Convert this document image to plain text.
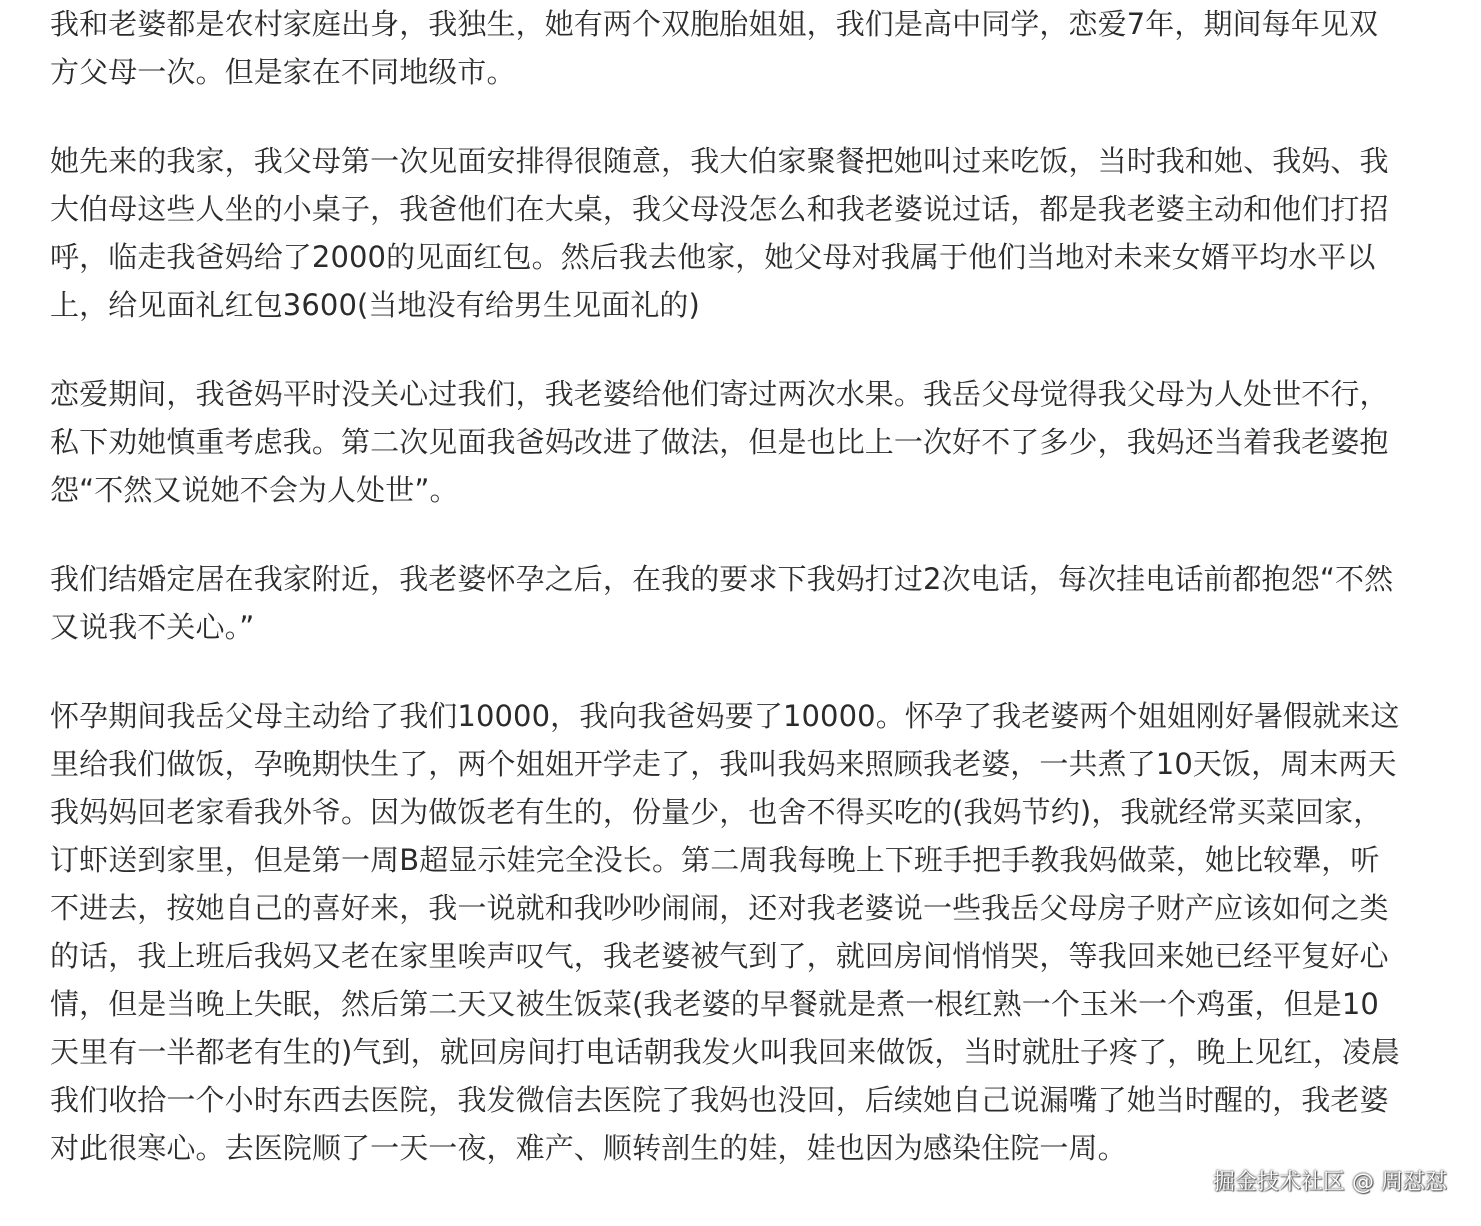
我和老婆都是农村家庭出身，我独生，她有两个双胞胎姐姐，我们是高中同学，恋爱7年，期间每年见双方父母一次。但是家在不同地级市。

她先来的我家，我父母第一次见面安排得很随意，我大伯家聚餐把她叫过来吃饭，当时我和她、我妈、我大伯母这些人坐的小桌子，我爸他们在大桌，我父母没怎么和我老婆说过话，都是我老婆主动和他们打招呼，临走我爸妈给了2000的见面红包。然后我去他家，她父母对我属于他们当地对未来女婿平均水平以上，给见面礼红包3600(当地没有给男生见面礼的)

恋爱期间，我爸妈平时没关心过我们，我老婆给他们寄过两次水果。我岳父母觉得我父母为人处世不行，私下劝她慎重考虑我。第二次见面我爸妈改进了做法，但是也比上一次好不了多少，我妈还当着我老婆抱怨“不然又说她不会为人处世”。

我们结婚定居在我家附近，我老婆怀孕之后，在我的要求下我妈打过2次电话，每次挂电话前都抱怨“不然又说我不关心。”

怀孕期间我岳父母主动给了我们10000，我向我爸妈要了10000。怀孕了我老婆两个姐姐刚好暑假就来这里给我们做饭，孕晚期快生了，两个姐姐开学走了，我叫我妈来照顾我老婆，一共煮了10天饭，周末两天我妈妈回老家看我外爷。因为做饭老有生的，份量少，也舍不得买吃的(我妈节约)，我就经常买菜回家，订虾送到家里，但是第一周B超显示娃完全没长。第二周我每晚上下班手把手教我妈做菜，她比较犟，听不进去，按她自己的喜好来，我一说就和我吵吵闹闹，还对我老婆说一些我岳父母房子财产应该如何之类的话，我上班后我妈又老在家里唉声叹气，我老婆被气到了，就回房间悄悄哭，等我回来她已经平复好心情，但是当晚上失眠，然后第二天又被生饭菜(我老婆的早餐就是煮一根红熟一个玉米一个鸡蛋，但是10天里有一半都老有生的)气到，就回房间打电话朝我发火叫我回来做饭，当时就肚子疼了，晚上见红，凌晨我们收拾一个小时东西去医院，我发微信去医院了我妈也没回，后续她自己说漏嘴了她当时醒的，我老婆对此很寒心。去医院顺了一天一夜，难产、顺转剖生的娃，娃也因为感染住院一周。

掘金技术社区 @ 周怼怼
